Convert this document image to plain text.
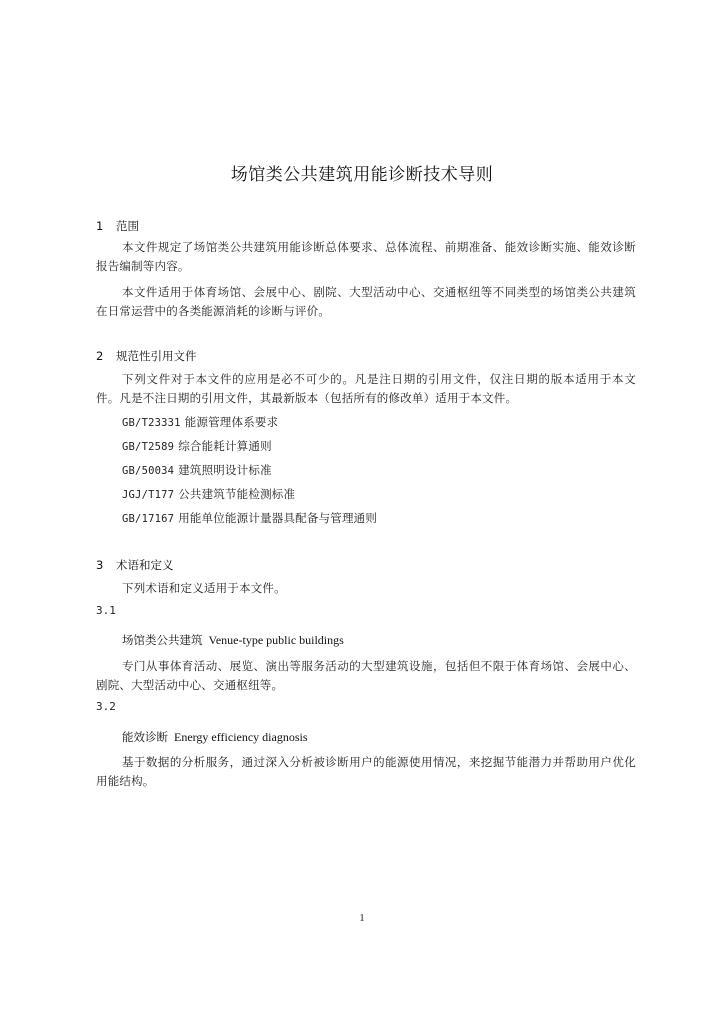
场馆类公共建筑用能诊断技术导则
1 范围
本文件规定了场馆类公共建筑用能诊断总体要求、总体流程、前期准备、能效诊断实施、能效诊断报告编制等内容。
本文件适用于体育场馆、会展中心、剧院、大型活动中心、交通枢纽等不同类型的场馆类公共建筑在日常运营中的各类能源消耗的诊断与评价。
2 规范性引用文件
下列文件对于本文件的应用是必不可少的。凡是注日期的引用文件，仅注日期的版本适用于本文件。凡是不注日期的引用文件，其最新版本（包括所有的修改单）适用于本文件。
GB/T23331 能源管理体系要求
GB/T2589 综合能耗计算通则
GB/50034 建筑照明设计标准
JGJ/T177 公共建筑节能检测标准
GB/17167 用能单位能源计量器具配备与管理通则
3 术语和定义
下列术语和定义适用于本文件。
3.1
场馆类公共建筑 Venue-type public buildings
专门从事体育活动、展览、演出等服务活动的大型建筑设施，包括但不限于体育场馆、会展中心、剧院、大型活动中心、交通枢纽等。
3.2
能效诊断 Energy efficiency diagnosis
基于数据的分析服务，通过深入分析被诊断用户的能源使用情况，来挖掘节能潜力并帮助用户优化用能结构。
1
